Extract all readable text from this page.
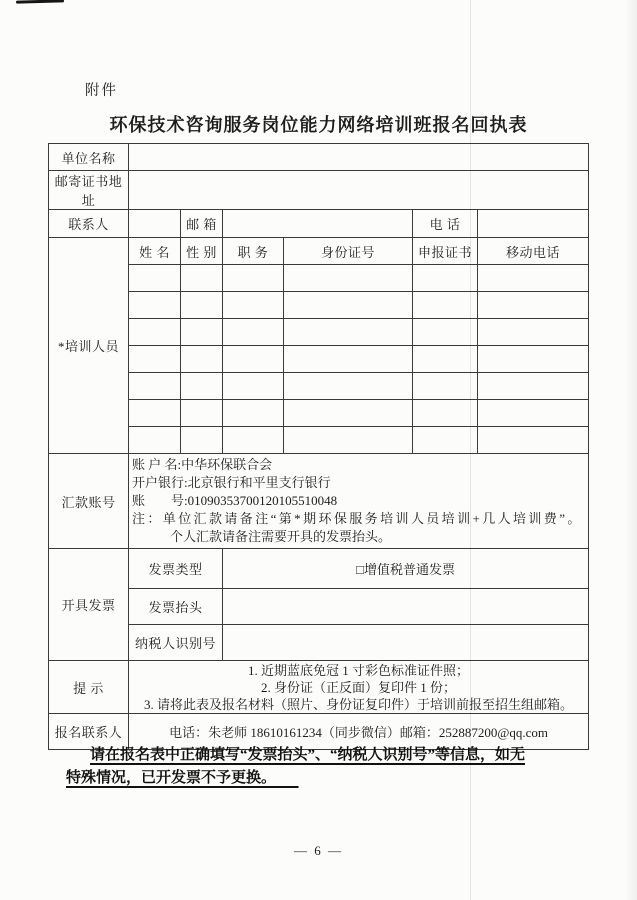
附件
环保技术咨询服务岗位能力网络培训班报名回执表
单位名称						
邮寄证书地址						
联系人		邮 箱			电 话	
*培训人员	姓 名	性 别	职 务	身份证号	申报证书	移动电话

汇款账号	账 户 名:中华环保联合会
开户银行:北京银行和平里支行银行
账　　号:01090353700120105510048
注：单位汇款请备注“第*期环保服务培训人员培训+几人培训费”。
个人汇款请备注需要开具的发票抬头。					

开具发票	发票类型		□增值税普通发票			
	发票抬头					
	纳税人识别号					
提 示	1. 近期蓝底免冠 1 寸彩色标准证件照；
2. 身份证（正反面）复印件 1 份；
3. 请将此表及报名材料（照片、身份证复印件）于培训前报至招生组邮箱。					

报名联系人	电话：朱老师 18610161234（同步微信）邮箱：252887200@qq.com					
请在报名表中正确填写“发票抬头”、“纳税人识别号”等信息，如无
特殊情况，已开发票不予更换。
— 6 —
